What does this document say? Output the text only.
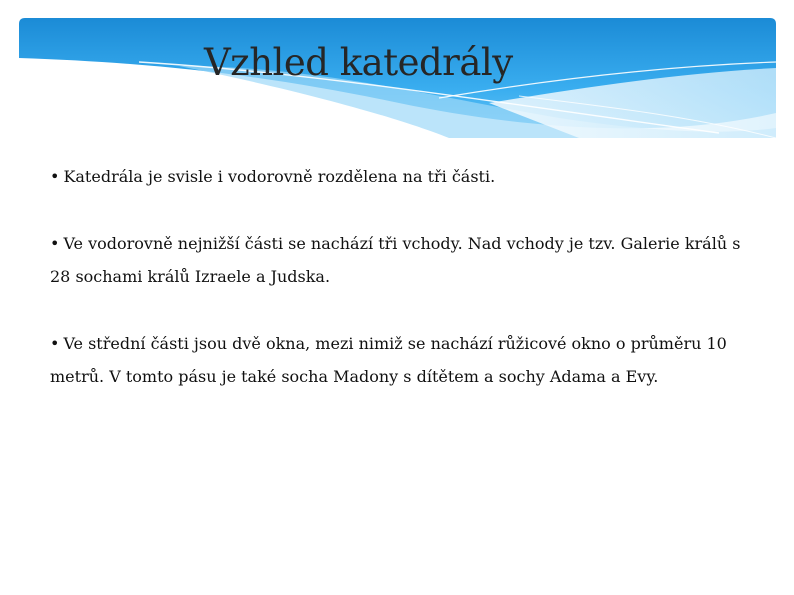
Vzhled katedrály

• Katedrála je svisle i vodorovně rozdělena na tři části.

• Ve vodorovně nejnižší části se nachází tři vchody. Nad vchody je tzv. Galerie králů s 28 sochami králů Izraele a Judska.

• Ve střední části jsou dvě okna, mezi nimiž se nachází růžicové okno o průměru 10 metrů. V tomto pásu je také socha Madony s dítětem a sochy Adama a Evy.
